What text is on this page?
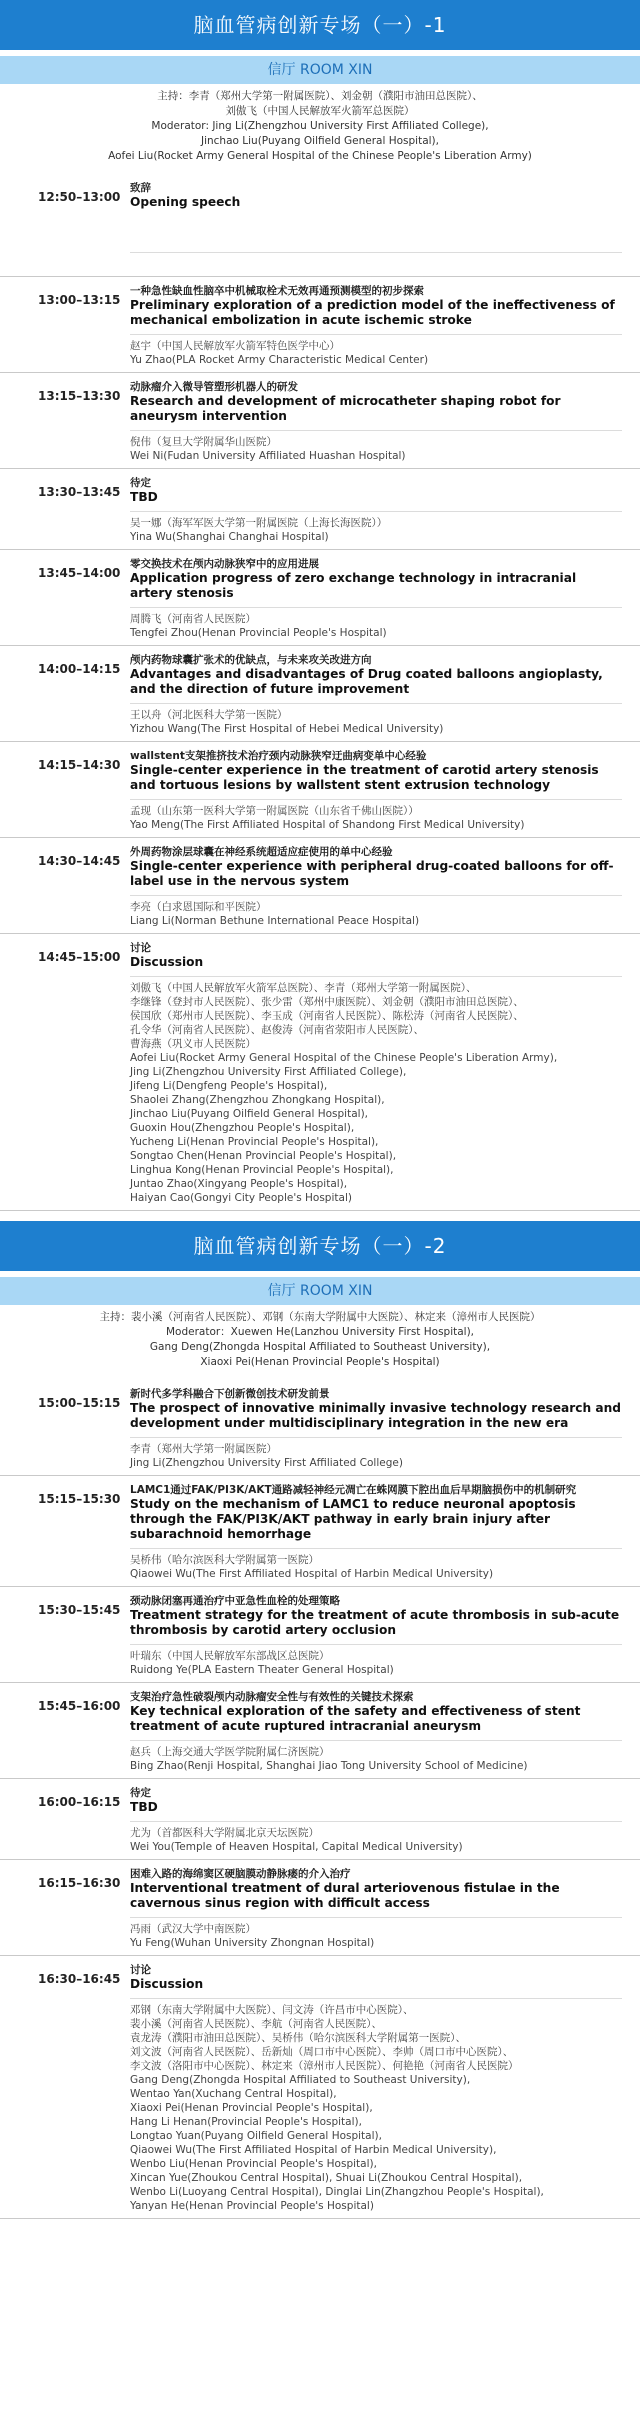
脑血管病创新专场（一）-1
信厅 ROOM XIN
主持：李青（郑州大学第一附属医院）、刘金朝（濮阳市油田总医院）、
刘傲飞（中国人民解放军火箭军总医院）
Moderator: Jing Li(Zhengzhou University First Affiliated College),
Jinchao Liu(Puyang Oilfield General Hospital),
Aofei Liu(Rocket Army General Hospital of the Chinese People's Liberation Army)
12:50–13:00
致辞
Opening speech
13:00–13:15
一种急性缺血性脑卒中机械取栓术无效再通预测模型的初步探索
Preliminary exploration of a prediction model of the ineffectiveness of mechanical embolization in acute ischemic stroke
赵宇（中国人民解放军火箭军特色医学中心）
Yu Zhao(PLA Rocket Army Characteristic Medical Center)
13:15–13:30
动脉瘤介入微导管塑形机器人的研发
Research and development of microcatheter shaping robot for aneurysm intervention
倪伟（复旦大学附属华山医院）
Wei Ni(Fudan University Affiliated Huashan Hospital)
13:30–13:45
待定
TBD
吴一娜（海军军医大学第一附属医院（上海长海医院））
Yina Wu(Shanghai Changhai Hospital)
13:45–14:00
零交换技术在颅内动脉狭窄中的应用进展
Application progress of zero exchange technology in intracranial artery stenosis
周腾飞（河南省人民医院）
Tengfei Zhou(Henan Provincial People's Hospital)
14:00–14:15
颅内药物球囊扩张术的优缺点，与未来攻关改进方向
Advantages and disadvantages of Drug coated balloons angioplasty, and the direction of future improvement
王以舟（河北医科大学第一医院）
Yizhou Wang(The First Hospital of Hebei Medical University)
14:15–14:30
wallstent支架推挤技术治疗颈内动脉狭窄迂曲病变单中心经验
Single-center experience in the treatment of carotid artery stenosis and tortuous lesions by wallstent stent extrusion technology
孟现（山东第一医科大学第一附属医院（山东省千佛山医院））
Yao Meng(The First Affiliated Hospital of Shandong First Medical University)
14:30–14:45
外周药物涂层球囊在神经系统超适应症使用的单中心经验
Single-center experience with peripheral drug-coated balloons for off-label use in the nervous system
李亮（白求恩国际和平医院）
Liang Li(Norman Bethune International Peace Hospital)
14:45–15:00
讨论
Discussion
刘傲飞（中国人民解放军火箭军总医院）、李青（郑州大学第一附属医院）、
李继锋（登封市人民医院）、张少雷（郑州中康医院）、刘金朝（濮阳市油田总医院）、
侯国欣（郑州市人民医院）、李玉成（河南省人民医院）、陈松涛（河南省人民医院）、
孔令华（河南省人民医院）、赵俊涛（河南省荥阳市人民医院）、
曹海燕（巩义市人民医院）
Aofei Liu(Rocket Army General Hospital of the Chinese People's Liberation Army),
Jing Li(Zhengzhou University First Affiliated College),
Jifeng Li(Dengfeng People's Hospital),
Shaolei Zhang(Zhengzhou Zhongkang Hospital),
Jinchao Liu(Puyang Oilfield General Hospital),
Guoxin Hou(Zhengzhou People's Hospital),
Yucheng Li(Henan Provincial People's Hospital),
Songtao Chen(Henan Provincial People's Hospital),
Linghua Kong(Henan Provincial People's Hospital),
Juntao Zhao(Xingyang People's Hospital),
Haiyan Cao(Gongyi City People's Hospital)
脑血管病创新专场（一）-2
信厅 ROOM XIN
主持：裴小溪（河南省人民医院）、邓钢（东南大学附属中大医院）、林定来（漳州市人民医院）
Moderator：Xuewen He(Lanzhou University First Hospital),
Gang Deng(Zhongda Hospital Affiliated to Southeast University),
Xiaoxi Pei(Henan Provincial People's Hospital)
15:00–15:15
新时代多学科融合下创新微创技术研发前景
The prospect of innovative minimally invasive technology research and development under multidisciplinary integration in the new era
李青（郑州大学第一附属医院）
Jing Li(Zhengzhou University First Affiliated College)
15:15–15:30
LAMC1通过FAK/PI3K/AKT通路减轻神经元凋亡在蛛网膜下腔出血后早期脑损伤中的机制研究
Study on the mechanism of LAMC1 to reduce neuronal apoptosis through the FAK/PI3K/AKT pathway in early brain injury after subarachnoid hemorrhage
吴桥伟（哈尔滨医科大学附属第一医院）
Qiaowei Wu(The First Affiliated Hospital of Harbin Medical University)
15:30–15:45
颈动脉闭塞再通治疗中亚急性血栓的处理策略
Treatment strategy for the treatment of acute thrombosis in sub-acute thrombosis by carotid artery occlusion
叶瑞东（中国人民解放军东部战区总医院）
Ruidong Ye(PLA Eastern Theater General Hospital)
15:45–16:00
支架治疗急性破裂颅内动脉瘤安全性与有效性的关键技术探索
Key technical exploration of the safety and effectiveness of stent treatment of acute ruptured intracranial aneurysm
赵兵（上海交通大学医学院附属仁济医院）
Bing Zhao(Renji Hospital, Shanghai Jiao Tong University School of Medicine)
16:00–16:15
待定
TBD
尤为（首都医科大学附属北京天坛医院）
Wei You(Temple of Heaven Hospital, Capital Medical University)
16:15–16:30
困难入路的海绵窦区硬脑膜动静脉瘘的介入治疗
Interventional treatment of dural arteriovenous fistulae in the cavernous sinus region with difficult access
冯雨（武汉大学中南医院）
Yu Feng(Wuhan University Zhongnan Hospital)
16:30–16:45
讨论
Discussion
邓钢（东南大学附属中大医院）、闫文涛（许昌市中心医院）、
裴小溪（河南省人民医院）、李航（河南省人民医院）、
袁龙涛（濮阳市油田总医院）、吴桥伟（哈尔滨医科大学附属第一医院）、
刘文波（河南省人民医院）、岳新灿（周口市中心医院）、李帅（周口市中心医院）、
李文波（洛阳市中心医院）、林定来（漳州市人民医院）、何艳艳（河南省人民医院）
Gang Deng(Zhongda Hospital Affiliated to Southeast University),
Wentao Yan(Xuchang Central Hospital),
Xiaoxi Pei(Henan Provincial People's Hospital),
Hang Li Henan(Provincial People's Hospital),
Longtao Yuan(Puyang Oilfield General Hospital),
Qiaowei Wu(The First Affiliated Hospital of Harbin Medical University),
Wenbo Liu(Henan Provincial People's Hospital),
Xincan Yue(Zhoukou Central Hospital), Shuai Li(Zhoukou Central Hospital),
Wenbo Li(Luoyang Central Hospital), Dinglai Lin(Zhangzhou People's Hospital),
Yanyan He(Henan Provincial People's Hospital)
